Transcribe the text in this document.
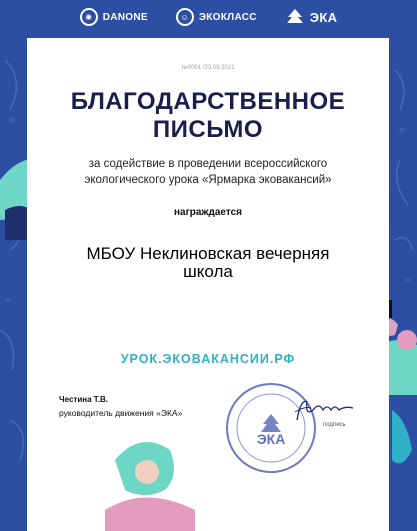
✺	DANONE	☺ ЭКОКЛАСС	ЭКА
№0001 /23.09.2021
БЛАГОДАРСТВЕННОЕ
ПИСЬМО
за содействие в проведении всероссийского
экологического урока «Ярмарка эковакансий»
награждается
МБОУ Неклиновская вечерняя
школа
УРОК.ЭКОВАКАНСИИ.РФ
Честина Т.В.
руководитель движения «ЭКА»
ЭКА
подпись
